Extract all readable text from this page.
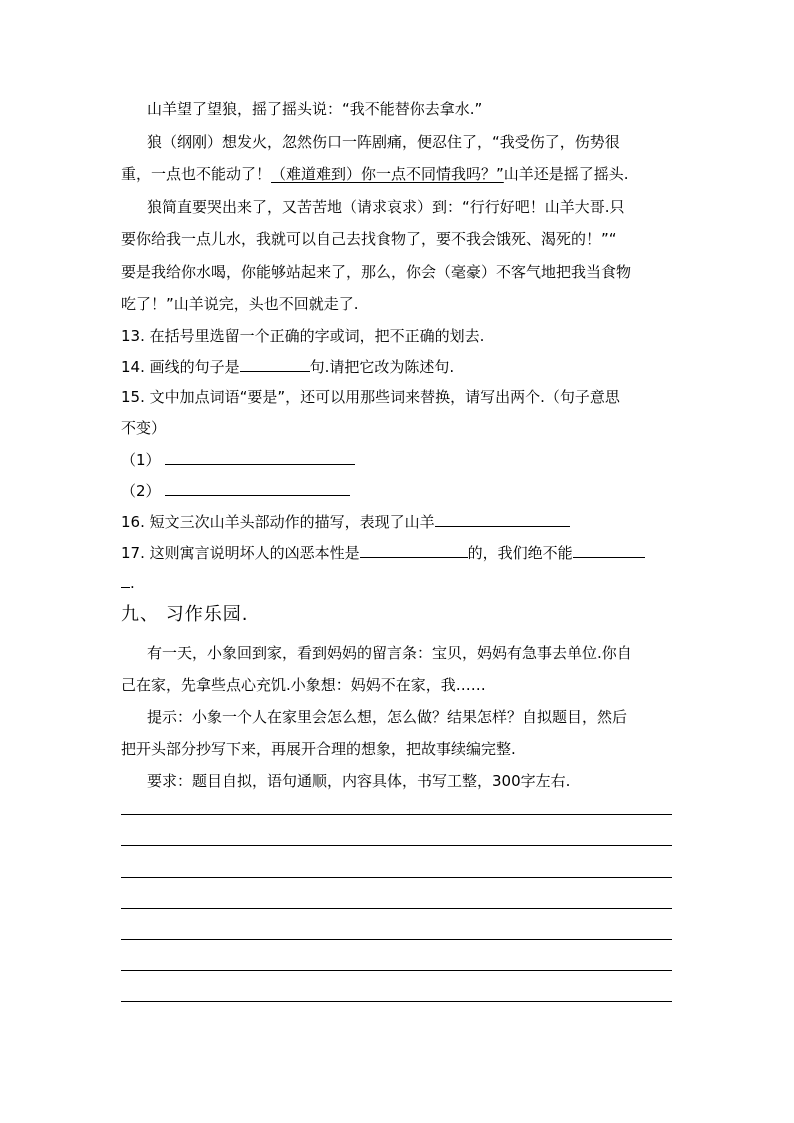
山羊望了望狼，摇了摇头说：“我不能替你去拿水.”
狼（纲刚）想发火，忽然伤口一阵剧痛，便忍住了，“我受伤了，伤势很
重，一点也不能动了！（难道难到）你一点不同情我吗？”山羊还是摇了摇头.
狼简直要哭出来了，又苦苦地（请求哀求）到：“行行好吧！山羊大哥.只
要你给我一点儿水，我就可以自己去找食物了，要不我会饿死、渴死的！”“
要是我给你水喝，你能够站起来了，那么，你会（毫豪）不客气地把我当食物
吃了！”山羊说完，头也不回就走了.
13. 在括号里选留一个正确的字或词，把不正确的划去.
14. 画线的句子是	句.请把它改为陈述句.
15. 文中加点词语“要是”，还可以用那些词来替换，请写出两个.（句子意思
不变）
（1）
（2）
16. 短文三次山羊头部动作的描写，表现了山羊
17. 这则寓言说明坏人的凶恶本性是	的，我们绝不能
.
九、 习作乐园.
有一天，小象回到家，看到妈妈的留言条：宝贝，妈妈有急事去单位.你自
己在家，先拿些点心充饥.小象想：妈妈不在家，我……
提示：小象一个人在家里会怎么想，怎么做？结果怎样？自拟题目，然后
把开头部分抄写下来，再展开合理的想象，把故事续编完整.
要求：题目自拟，语句通顺，内容具体，书写工整，300字左右.
